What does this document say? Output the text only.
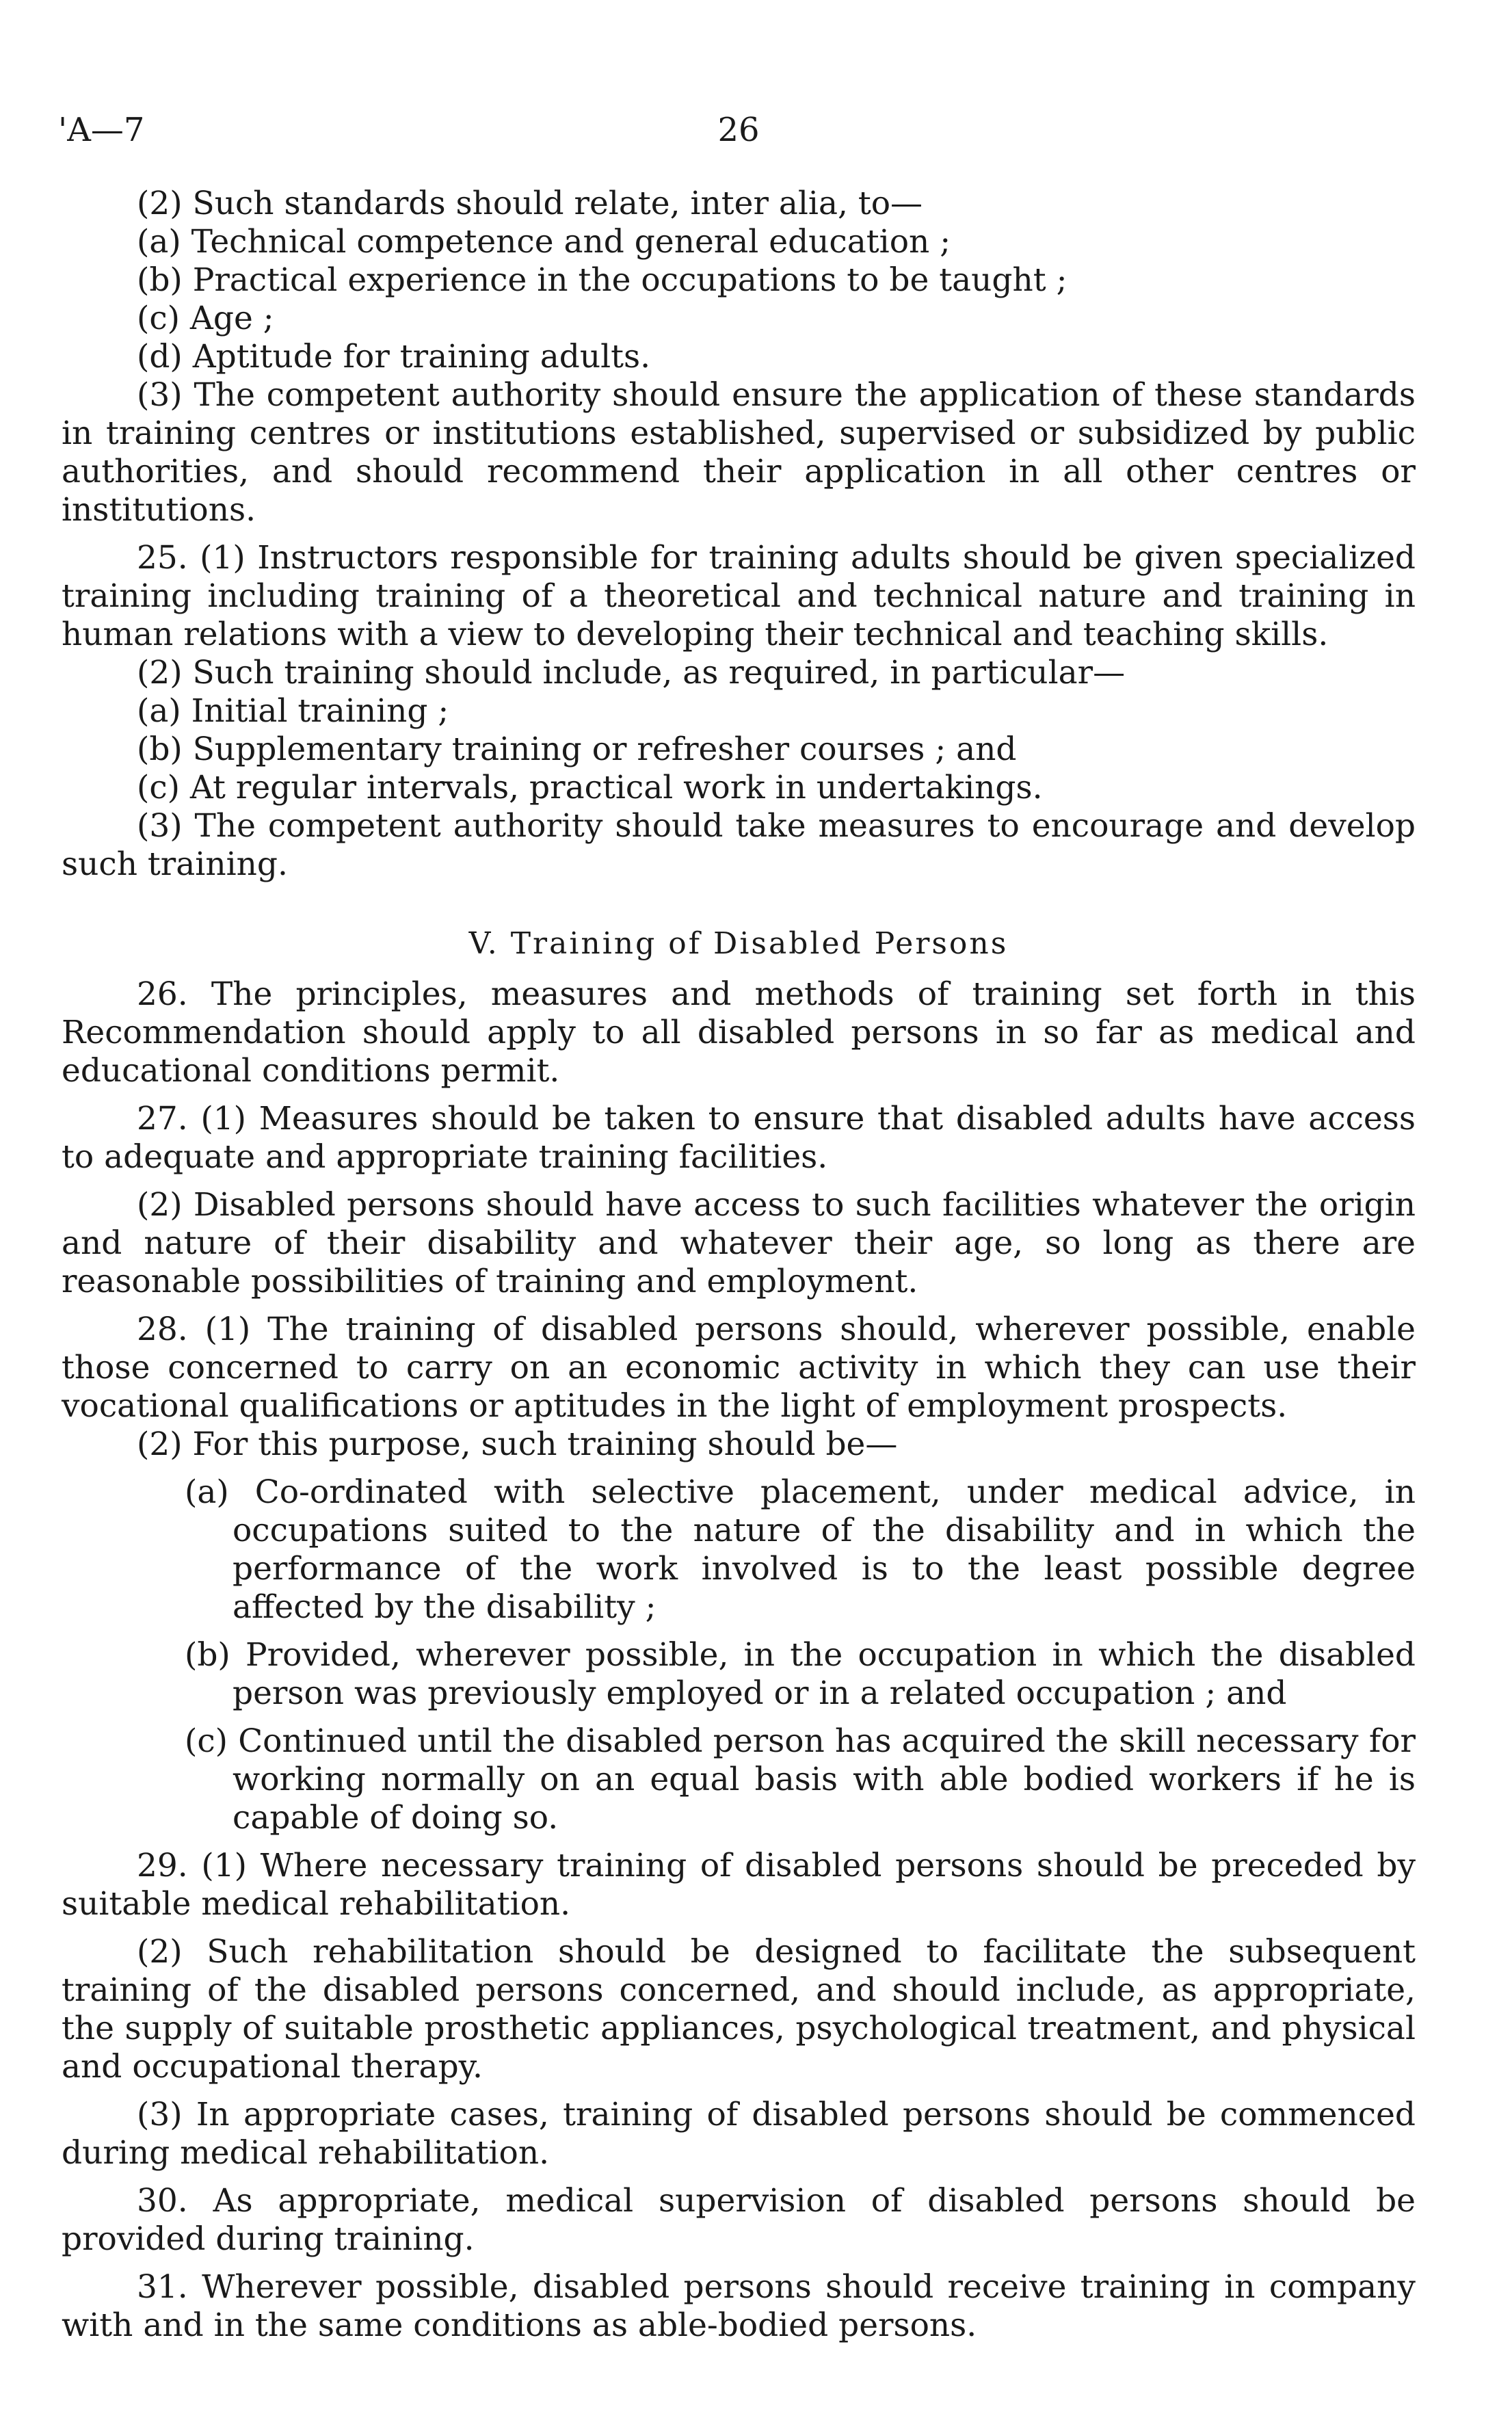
'A—7	26

(2) Such standards should relate, inter alia, to—

(a) Technical competence and general education ;

(b) Practical experience in the occupations to be taught ;

(c) Age ;

(d) Aptitude for training adults.

(3) The competent authority should ensure the application of these standards in training centres or institutions established, supervised or subsidized by public authorities, and should recommend their application in all other centres or institutions.

25. (1) Instructors responsible for training adults should be given specialized training including training of a theoretical and technical nature and training in human relations with a view to developing their technical and teaching skills.

(2) Such training should include, as required, in particular—

(a) Initial training ;

(b) Supplementary training or refresher courses ; and

(c) At regular intervals, practical work in undertakings.

(3) The competent authority should take measures to encourage and develop such training.

V. Training of Disabled Persons

26. The principles, measures and methods of training set forth in this Recommendation should apply to all disabled persons in so far as medical and educational conditions permit.

27. (1) Measures should be taken to ensure that disabled adults have access to adequate and appropriate training facilities.

(2) Disabled persons should have access to such facilities whatever the origin and nature of their disability and whatever their age, so long as there are reasonable possibilities of training and employment.

28. (1) The training of disabled persons should, wherever possible, enable those concerned to carry on an economic activity in which they can use their vocational qualifications or aptitudes in the light of employment prospects.

(2) For this purpose, such training should be—

(a) Co-ordinated with selective placement, under medical advice, in occupations suited to the nature of the disability and in which the performance of the work involved is to the least possible degree affected by the disability ;

(b) Provided, wherever possible, in the occupation in which the disabled person was previously employed or in a related occupation ; and

(c) Continued until the disabled person has acquired the skill necessary for working normally on an equal basis with able bodied workers if he is capable of doing so.

29. (1) Where necessary training of disabled persons should be preceded by suitable medical rehabilitation.

(2) Such rehabilitation should be designed to facilitate the subsequent training of the disabled persons concerned, and should include, as appropriate, the supply of suitable prosthetic appliances, psychological treatment, and physical and occupational therapy.

(3) In appropriate cases, training of disabled persons should be commenced during medical rehabilitation.

30. As appropriate, medical supervision of disabled persons should be provided during training.

31. Wherever possible, disabled persons should receive training in company with and in the same conditions as able-bodied persons.
